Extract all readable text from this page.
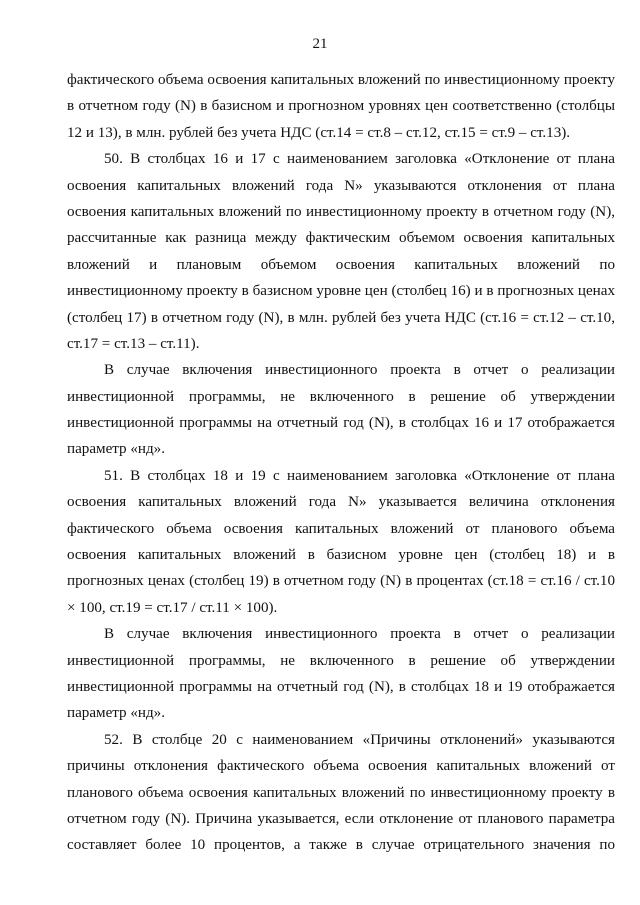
21
фактического объема освоения капитальных вложений по инвестиционному проекту
в отчетном году (N) в базисном и прогнозном уровнях цен соответственно (столбцы
12 и 13), в млн. рублей без учета НДС (ст.14 = ст.8 – ст.12, ст.15 = ст.9 – ст.13).
50. В столбцах 16 и 17 с наименованием заголовка «Отклонение от плана
освоения капитальных вложений года N» указываются отклонения от плана
освоения капитальных вложений по инвестиционному проекту в отчетном году (N),
рассчитанные как разница между фактическим объемом освоения капитальных
вложений и плановым объемом освоения капитальных вложений по
инвестиционному проекту в базисном уровне цен (столбец 16) и в прогнозных ценах
(столбец 17) в отчетном году (N), в млн. рублей без учета НДС (ст.16 = ст.12 – ст.10,
ст.17 = ст.13 – ст.11).
В случае включения инвестиционного проекта в отчет о реализации
инвестиционной программы, не включенного в решение об утверждении
инвестиционной программы на отчетный год (N), в столбцах 16 и 17 отображается
параметр «нд».
51. В столбцах 18 и 19 с наименованием заголовка «Отклонение от плана
освоения капитальных вложений года N» указывается величина отклонения
фактического объема освоения капитальных вложений от планового объема
освоения капитальных вложений в базисном уровне цен (столбец 18) и в
прогнозных ценах (столбец 19) в отчетном году (N) в процентах (ст.18 = ст.16 / ст.10
× 100, ст.19 = ст.17 / ст.11 × 100).
В случае включения инвестиционного проекта в отчет о реализации
инвестиционной программы, не включенного в решение об утверждении
инвестиционной программы на отчетный год (N), в столбцах 18 и 19 отображается
параметр «нд».
52. В столбце 20 с наименованием «Причины отклонений» указываются
причины отклонения фактического объема освоения капитальных вложений от
планового объема освоения капитальных вложений по инвестиционному проекту в
отчетном году (N). Причина указывается, если отклонение от планового параметра
составляет более 10 процентов, а также в случае отрицательного значения по
